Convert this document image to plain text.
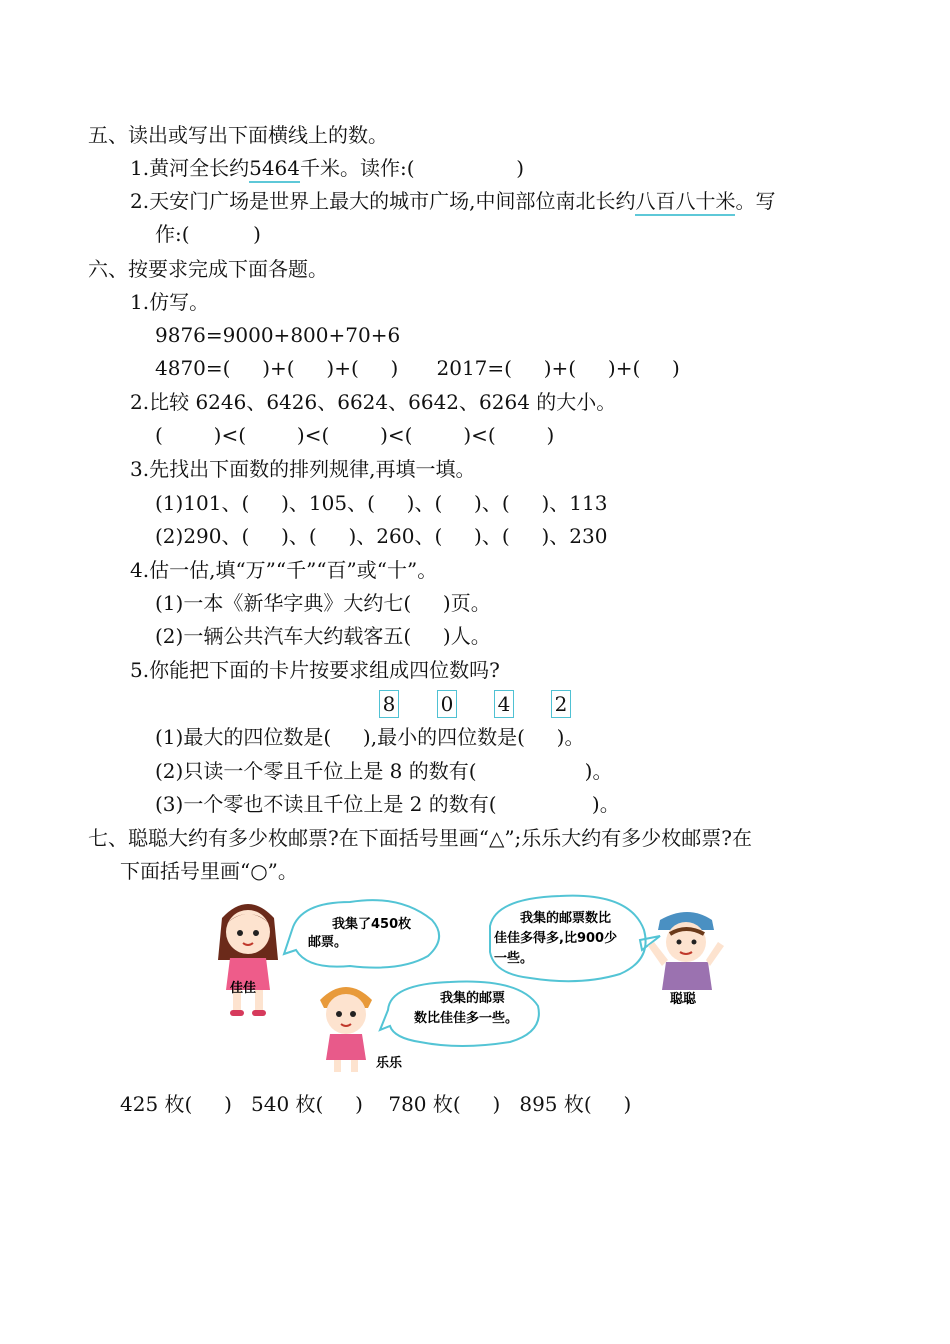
五、读出或写出下面横线上的数。
1.黄河全长约5464千米。读作:(                )
2.天安门广场是世界上最大的城市广场,中间部位南北长约八百八十米。写
作:(          )
六、按要求完成下面各题。
1.仿写。
9876=9000+800+70+6
4870=(     )+(     )+(     )      2017=(     )+(     )+(     )
2.比较 6246、6426、6624、6642、6264 的大小。
(        )<(        )<(        )<(        )<(        )
3.先找出下面数的排列规律,再填一填。
(1)101、(     )、105、(     )、(     )、(     )、113
(2)290、(     )、(     )、260、(     )、(     )、230
4.估一估,填“万”“千”“百”或“十”。
(1)一本《新华字典》大约七(     )页。
(2)一辆公共汽车大约载客五(     )人。
5.你能把下面的卡片按要求组成四位数吗?
8 0 4 2
(1)最大的四位数是(     ),最小的四位数是(     )。
(2)只读一个零且千位上是 8 的数有(                 )。
(3)一个零也不读且千位上是 2 的数有(               )。
七、聪聪大约有多少枚邮票?在下面括号里画“△”;乐乐大约有多少枚邮票?在
下面括号里画“○”。
佳佳
我集了450枚
邮票。
我集的邮票数比
佳佳多得多,比900少
一些。
聪聪
我集的邮票
数比佳佳多一些。
乐乐
425 枚(     )   540 枚(     )    780 枚(     )   895 枚(     )
